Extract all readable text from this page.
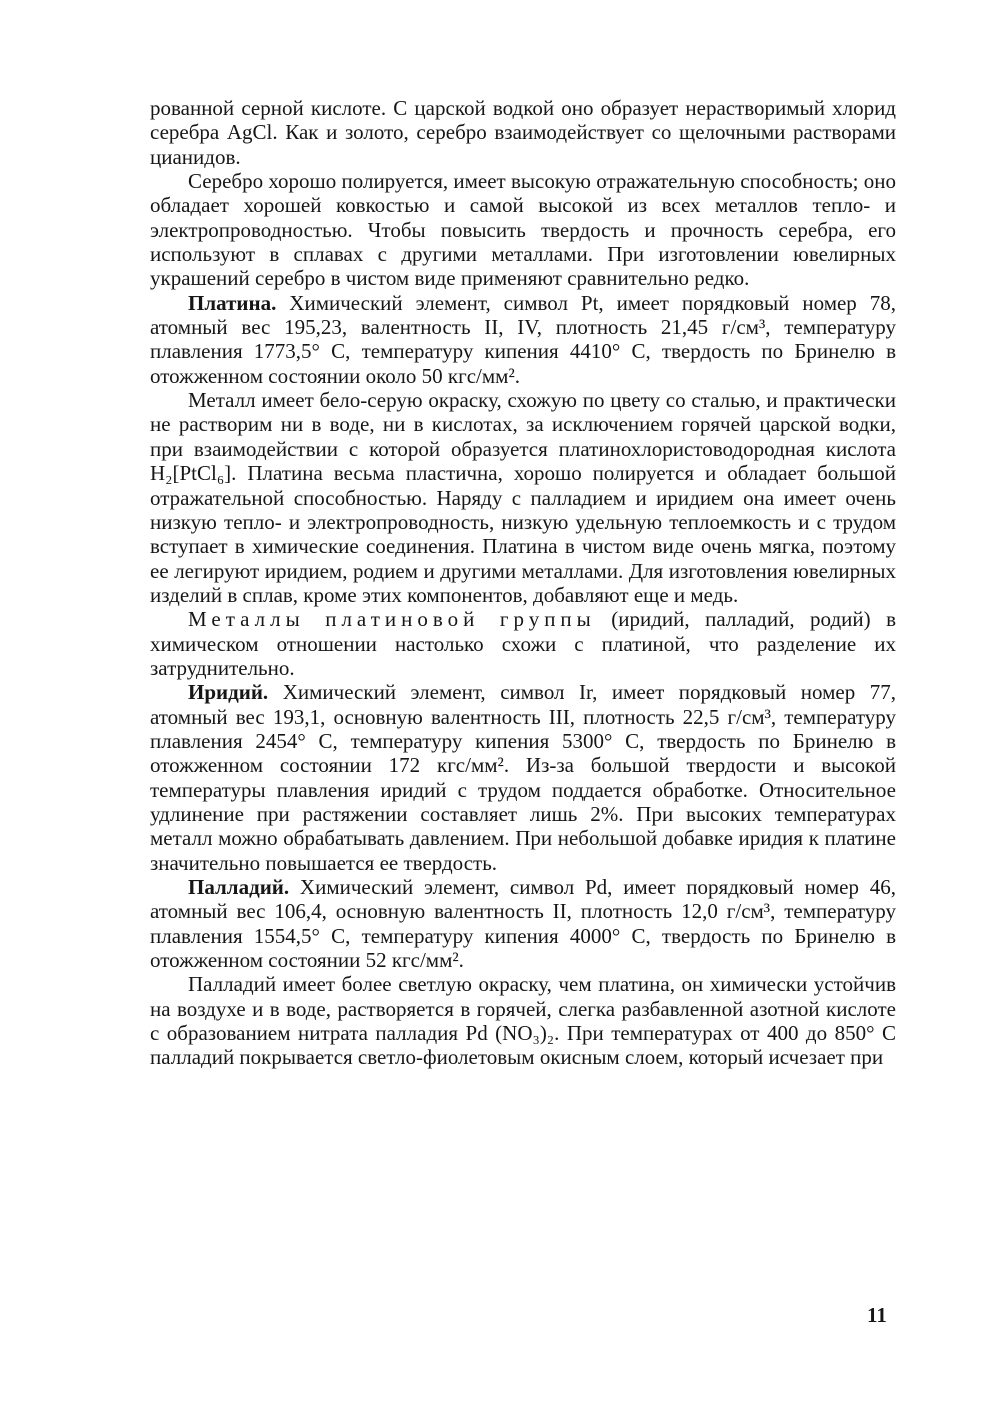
рованной серной кислоте. С царской водкой оно образует нерастворимый хлорид серебра AgCl. Как и золото, серебро взаимодействует со щелочными растворами цианидов.

Серебро хорошо полируется, имеет высокую отражательную способность; оно обладает хорошей ковкостью и самой высокой из всех металлов тепло- и электропроводностью. Чтобы повысить твердость и прочность серебра, его используют в сплавах с другими металлами. При изготовлении ювелирных украшений серебро в чистом виде применяют сравнительно редко.

Платина. Химический элемент, символ Pt, имеет порядковый номер 78, атомный вес 195,23, валентность II, IV, плотность 21,45 г/см³, температуру плавления 1773,5° С, температуру кипения 4410° С, твердость по Бринелю в отожженном состоянии около 50 кгс/мм².

Металл имеет бело-серую окраску, схожую по цвету со сталью, и практически не растворим ни в воде, ни в кислотах, за исключением горячей царской водки, при взаимодействии с которой образуется платинохлористоводородная кислота H₂[PtCl₆]. Платина весьма пластична, хорошо полируется и обладает большой отражательной способностью. Наряду с палладием и иридием она имеет очень низкую тепло- и электропроводность, низкую удельную теплоемкость и с трудом вступает в химические соединения. Платина в чистом виде очень мягка, поэтому ее легируют иридием, родием и другими металлами. Для изготовления ювелирных изделий в сплав, кроме этих компонентов, добавляют еще и медь.

Металлы платиновой группы (иридий, палладий, родий) в химическом отношении настолько схожи с платиной, что разделение их затруднительно.

Иридий. Химический элемент, символ Ir, имеет порядковый номер 77, атомный вес 193,1, основную валентность III, плотность 22,5 г/см³, температуру плавления 2454° С, температуру кипения 5300° С, твердость по Бринелю в отожженном состоянии 172 кгс/мм². Из-за большой твердости и высокой температуры плавления иридий с трудом поддается обработке. Относительное удлинение при растяжении составляет лишь 2%. При высоких температурах металл можно обрабатывать давлением. При небольшой добавке иридия к платине значительно повышается ее твердость.

Палладий. Химический элемент, символ Pd, имеет порядковый номер 46, атомный вес 106,4, основную валентность II, плотность 12,0 г/см³, температуру плавления 1554,5° С, температуру кипения 4000° С, твердость по Бринелю в отожженном состоянии 52 кгс/мм².

Палладий имеет более светлую окраску, чем платина, он химически устойчив на воздухе и в воде, растворяется в горячей, слегка разбавленной азотной кислоте с образованием нитрата палладия Pd (NO₃)₂. При температурах от 400 до 850° С палладий покрывается светло-фиолетовым окисным слоем, который исчезает при

11
